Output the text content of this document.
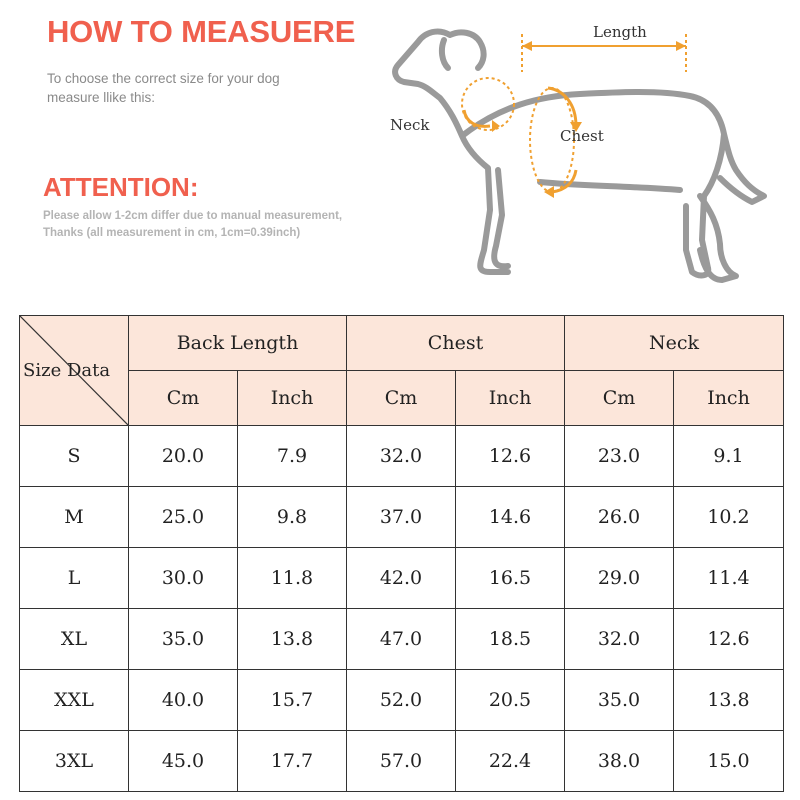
HOW TO MEASUERE

To choose the correct size for your dog
measure llike this:

ATTENTION:

Please allow 1-2cm differ due to manual measurement,
Thanks (all measurement in cm, 1cm=0.39inch)

Length
Neck
Chest
Size Data	Back Length		Chest		Neck	
	Cm	Inch	Cm	Inch	Cm	Inch
S	20.0	7.9	32.0	12.6	23.0	9.1
M	25.0	9.8	37.0	14.6	26.0	10.2
L	30.0	11.8	42.0	16.5	29.0	11.4
XL	35.0	13.8	47.0	18.5	32.0	12.6
XXL	40.0	15.7	52.0	20.5	35.0	13.8
3XL	45.0	17.7	57.0	22.4	38.0	15.0
